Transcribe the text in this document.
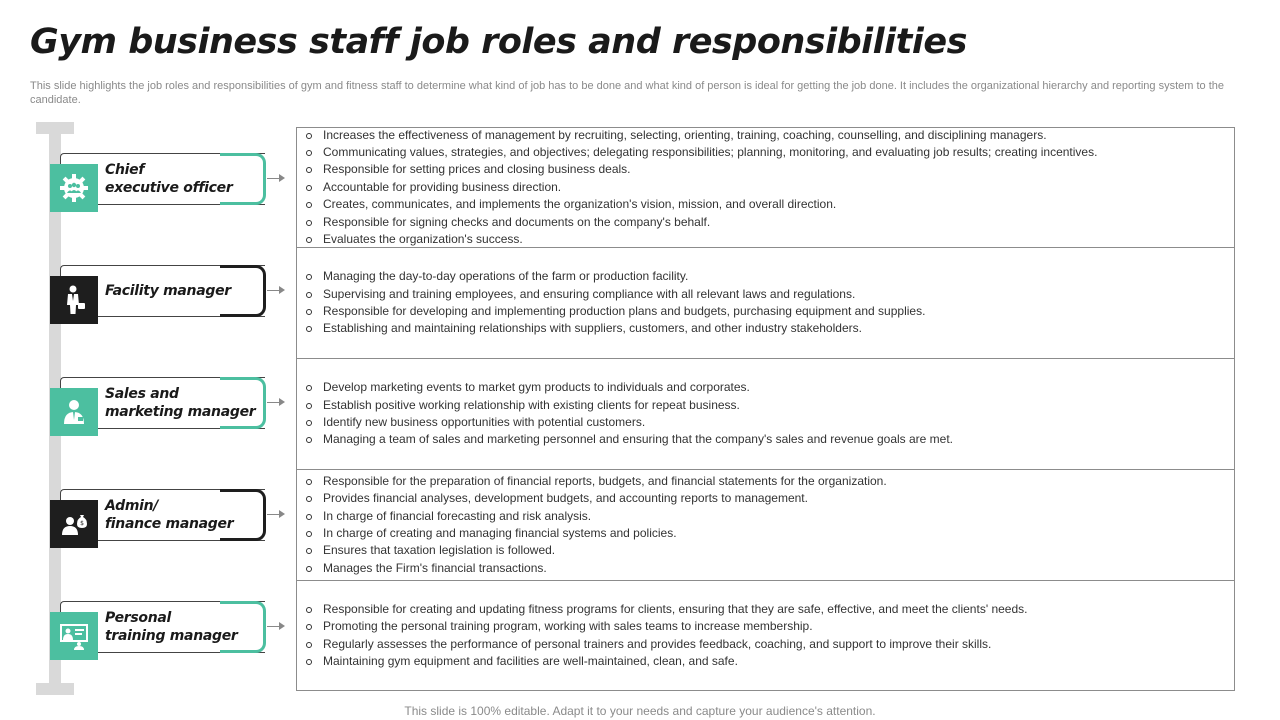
Gym business staff job roles and responsibilities
This slide highlights the job roles and responsibilities of gym and fitness staff to determine what kind of job has to be done and what kind of person is ideal for getting the job done. It includes the organizational hierarchy and reporting system to the candidate.
Chief
executive officer
Facility manager
Sales and
marketing manager
$
Admin/
finance manager
Personal
training manager
Increases the effectiveness of management by recruiting, selecting, orienting, training, coaching, counselling, and disciplining managers.
Communicating values, strategies, and objectives; delegating responsibilities; planning, monitoring, and evaluating job results; creating incentives.
Responsible for setting prices and closing business deals.
Accountable for providing business direction.
Creates, communicates, and implements the organization's vision, mission, and overall direction.
Responsible for signing checks and documents on the company's behalf.
Evaluates the organization's success.
Managing the day-to-day operations of the farm or production facility.
Supervising and training employees, and ensuring compliance with all relevant laws and regulations.
Responsible for developing and implementing production plans and budgets, purchasing equipment and supplies.
Establishing and maintaining relationships with suppliers, customers, and other industry stakeholders.
Develop marketing events to market gym products to individuals and corporates.
Establish positive working relationship with existing clients for repeat business.
Identify new business opportunities with potential customers.
Managing a team of sales and marketing personnel and ensuring that the company's sales and revenue goals are met.
Responsible for the preparation of financial reports, budgets, and financial statements for the organization.
Provides financial analyses, development budgets, and accounting reports to management.
In charge of financial forecasting and risk analysis.
In charge of creating and managing financial systems and policies.
Ensures that taxation legislation is followed.
Manages the Firm's financial transactions.
Responsible for creating and updating fitness programs for clients, ensuring that they are safe, effective, and meet the clients' needs.
Promoting the personal training program, working with sales teams to increase membership.
Regularly assesses the performance of personal trainers and provides feedback, coaching, and support to improve their skills.
Maintaining gym equipment and facilities are well-maintained, clean, and safe.
This slide is 100% editable. Adapt it to your needs and capture your audience's attention.
